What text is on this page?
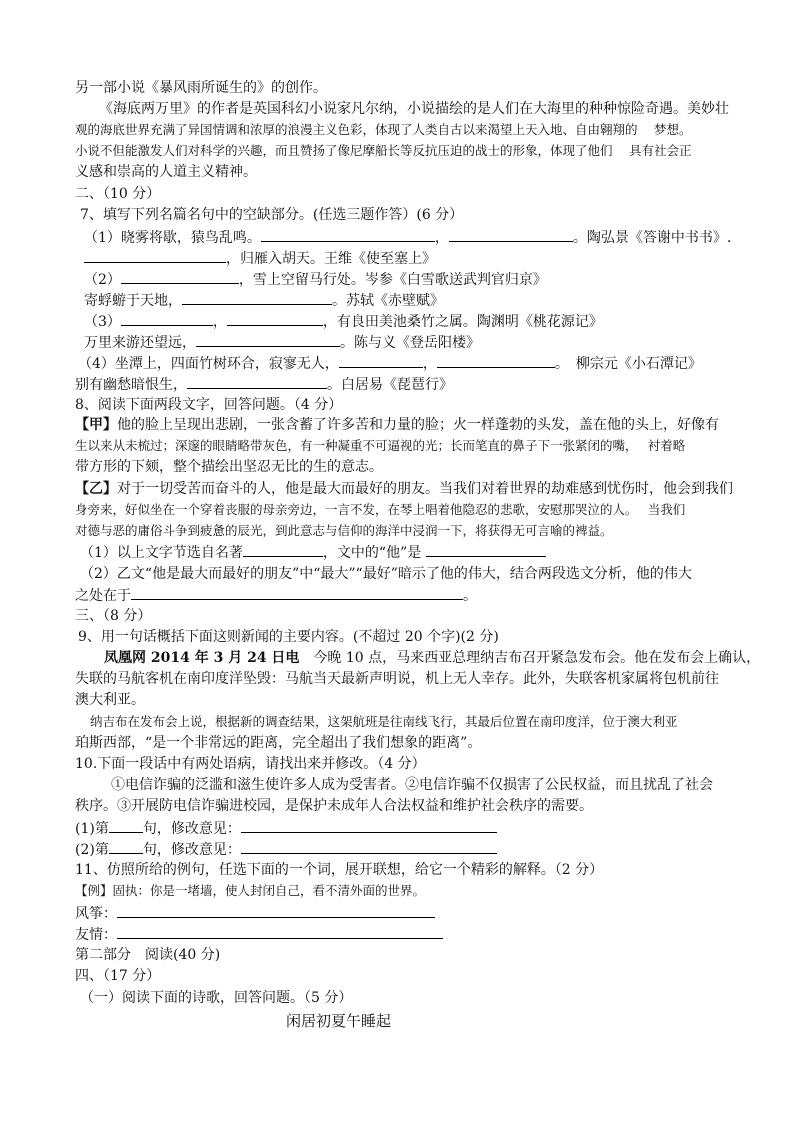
另一部小说《暴风雨所诞生的》的创作。
《海底两万里》的作者是英国科幻小说家凡尔纳，小说描绘的是人们在大海里的种种惊险奇遇。美妙壮
观的海底世界充满了异国情调和浓厚的浪漫主义色彩，体现了人类自古以来渴望上天入地、自由翱翔的　 梦想。
小说不但能激发人们对科学的兴趣，而且赞扬了像尼摩船长等反抗压迫的战士的形象，体现了他们　 具有社会正
义感和崇高的人道主义精神。
二、（10 分）
7、填写下列名篇名句中的空缺部分。(任选三题作答）(6 分）
（1）晓雾将歇，猿鸟乱鸣。	，	。陶弘景《答谢中书书》.
，归雁入胡天。王维《使至塞上》
（2）	，雪上空留马行处。岑参《白雪歌送武判官归京》
寄蜉蝣于天地，	。苏轼《赤壁赋》
（3）	，	，有良田美池桑竹之属。陶渊明《桃花源记》
万里来游还望远，	。陈与义《登岳阳楼》
（4）坐潭上，四面竹树环合，寂寥无人，	，	。　柳宗元《小石潭记》
别有幽愁暗恨生，	。白居易《琵琶行》
8、阅读下面两段文字，回答问题。（4 分）
【甲】他的脸上呈现出悲剧，一张含蓄了许多苦和力量的脸；火一样蓬勃的头发，盖在他的头上，好像有
生以来从未梳过；深邃的眼睛略带灰色，有一种凝重不可逼视的光；长而笔直的鼻子下一张紧闭的嘴，　 衬着略
带方形的下颏，整个描绘出坚忍无比的生的意志。
【乙】对于一切受苦而奋斗的人，他是最大而最好的朋友。当我们对着世界的劫难感到忧伤时，他会到我们
身旁来，好似坐在一个穿着丧服的母亲旁边，一言不发，在琴上唱着他隐忍的悲歌，安慰那哭泣的人。　 当我们
对德与恶的庸俗斗争到疲惫的辰光，到此意志与信仰的海洋中浸润一下，将获得无可言喻的裨益。
（1）以上文字节选自名著	，文中的“他”是
（2）乙文“他是最大而最好的朋友”中“最大”“最好”暗示了他的伟大，结合两段选文分析，他的伟大
之处在于	。
三、（8 分）
9、用一句话概括下面这则新闻的主要内容。(不超过 20 个字)(2 分)
凤凰网 2014 年 3 月 24 日电　今晚 10 点，马来西亚总理纳吉布召开紧急发布会。他在发布会上确认，
失联的马航客机在南印度洋坠毁：马航当天最新声明说，机上无人幸存。此外，失联客机家属将包机前往
澳大利亚。
纳吉布在发布会上说，根据新的调查结果，这架航班是往南线飞行，其最后位置在南印度洋，位于澳大利亚
珀斯西部，“是一个非常远的距离，完全超出了我们想象的距离”。
10.下面一段话中有两处语病，请找出来并修改。（4 分）
①电信诈骗的泛滥和滋生使许多人成为受害者。②电信诈骗不仅损害了公民权益，而且扰乱了社会
秩序。③开展防电信诈骗进校园，是保护未成年人合法权益和维护社会秩序的需要。
(1)第 句，修改意见：
(2)第 句，修改意见：
11、仿照所给的例句，任选下面的一个词，展开联想，给它一个精彩的解释。（2 分）
【例】固执：你是一堵墙，使人封闭自己，看不清外面的世界。
风筝：
友情：
第二部分　阅读(40 分)
四、（17 分）
（一）阅读下面的诗歌，回答问题。（5 分）
闲居初夏午睡起
